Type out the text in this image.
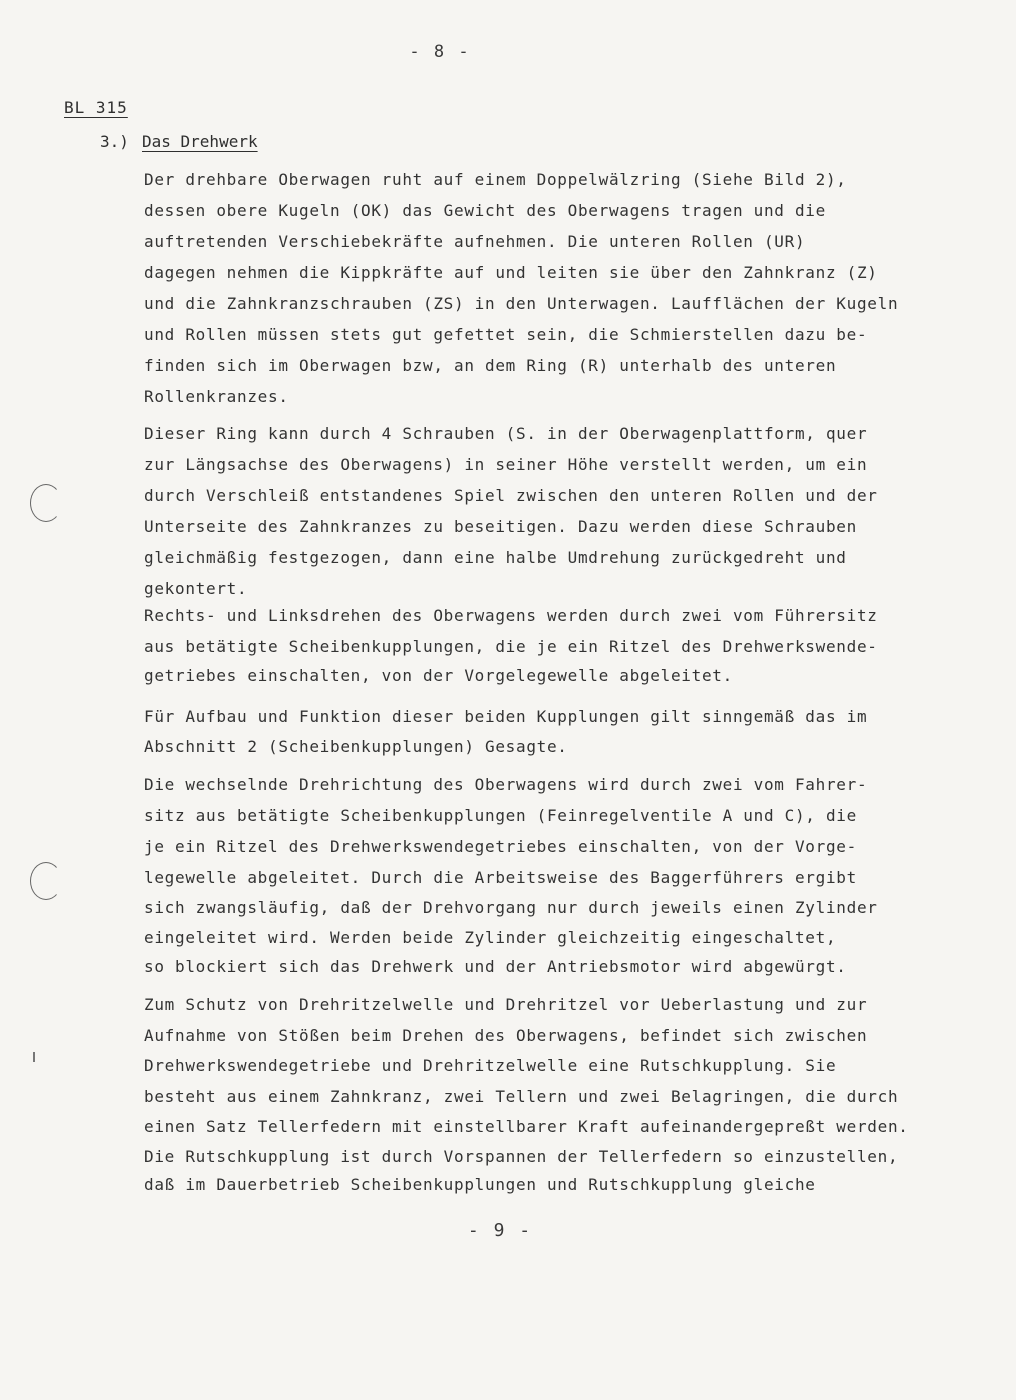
- 8 -
BL 315
3.) Das Drehwerk
Der drehbare Oberwagen ruht auf einem Doppelwälzring (Siehe Bild 2),
dessen obere Kugeln (OK) das Gewicht des Oberwagens tragen und die
auftretenden Verschiebekräfte aufnehmen. Die unteren Rollen (UR)
dagegen nehmen die Kippkräfte auf und leiten sie über den Zahnkranz (Z)
und die Zahnkranzschrauben (ZS) in den Unterwagen. Laufflächen der Kugeln
und Rollen müssen stets gut gefettet sein, die Schmierstellen dazu be-
finden sich im Oberwagen bzw, an dem Ring (R) unterhalb des unteren
Rollenkranzes.
Dieser Ring kann durch 4 Schrauben (S. in der Oberwagenplattform, quer
zur Längsachse des Oberwagens) in seiner Höhe verstellt werden, um ein
durch Verschleiß entstandenes Spiel zwischen den unteren Rollen und der
Unterseite des Zahnkranzes zu beseitigen. Dazu werden diese Schrauben
gleichmäßig festgezogen, dann eine halbe Umdrehung zurückgedreht und
gekontert.
Rechts- und Linksdrehen des Oberwagens werden durch zwei vom Führersitz
aus betätigte Scheibenkupplungen, die je ein Ritzel des Drehwerkswende-
getriebes einschalten, von der Vorgelegewelle abgeleitet.
Für Aufbau und Funktion dieser beiden Kupplungen gilt sinngemäß das im
Abschnitt 2 (Scheibenkupplungen) Gesagte.
Die wechselnde Drehrichtung des Oberwagens wird durch zwei vom Fahrer-
sitz aus betätigte Scheibenkupplungen (Feinregelventile A und C), die
je ein Ritzel des Drehwerkswendegetriebes einschalten, von der Vorge-
legewelle abgeleitet. Durch die Arbeitsweise des Baggerführers ergibt
sich zwangsläufig, daß der Drehvorgang nur durch jeweils einen Zylinder
eingeleitet wird. Werden beide Zylinder gleichzeitig eingeschaltet,
so blockiert sich das Drehwerk und der Antriebsmotor wird abgewürgt.
Zum Schutz von Drehritzelwelle und Drehritzel vor Ueberlastung und zur
Aufnahme von Stößen beim Drehen des Oberwagens, befindet sich zwischen
Drehwerkswendegetriebe und Drehritzelwelle eine Rutschkupplung. Sie
besteht aus einem Zahnkranz, zwei Tellern und zwei Belagringen, die durch
einen Satz Tellerfedern mit einstellbarer Kraft aufeinandergepreßt werden.
Die Rutschkupplung ist durch Vorspannen der Tellerfedern so einzustellen,
daß im Dauerbetrieb Scheibenkupplungen und Rutschkupplung gleiche
- 9 -
